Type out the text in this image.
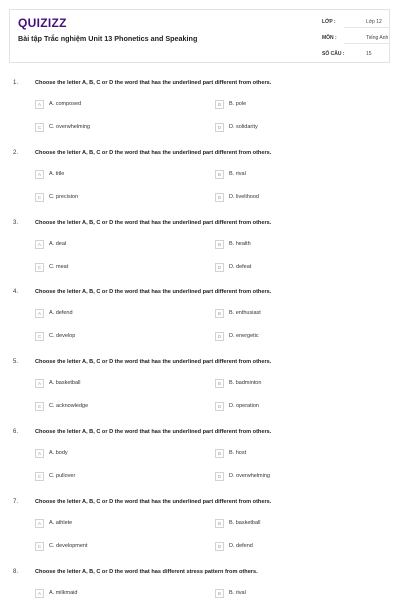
QUIZIZZ
Bài tập Trắc nghiệm Unit 13 Phonetics and Speaking
LỚP :	Lớp 12
MÔN :	Tiếng Anh
SỐ CÂU :	15
1.	Choose the letter A, B, C or D the word that has the underlined part different from others.
A	A. composed	B	B. pole
C	C. overwhelming	D	D. solidarity
2.	Choose the letter A, B, C or D the word that has the underlined part different from others.
A	A. title	B	B. rival
C	C. precision	D	D. livelihood
3.	Choose the letter A, B, C or D the word that has the underlined part different from others.
A	A. deal	B	B. health
C	C. meat	D	D. defeat
4.	Choose the letter A, B, C or D the word that has the underlined part different from others.
A	A. defend	B	B. enthusiast
C	C. develop	D	D. energetic
5.	Choose the letter A, B, C or D the word that has the underlined part different from others.
A	A. basketball	B	B. badminton
C	C. acknowledge	D	D. operation
6.	Choose the letter A, B, C or D the word that has the underlined part different from others.
A	A. body	B	B. host
C	C. pullover	D	D. overwhelming
7.	Choose the letter A, B, C or D the word that has the underlined part different from others.
A	A. athlete	B	B. basketball
C	C. development	D	D. defend
8.	Choose the letter A, B, C or D the word that has different stress pattern from others.
A	A. milkmaid	B	B. rival
